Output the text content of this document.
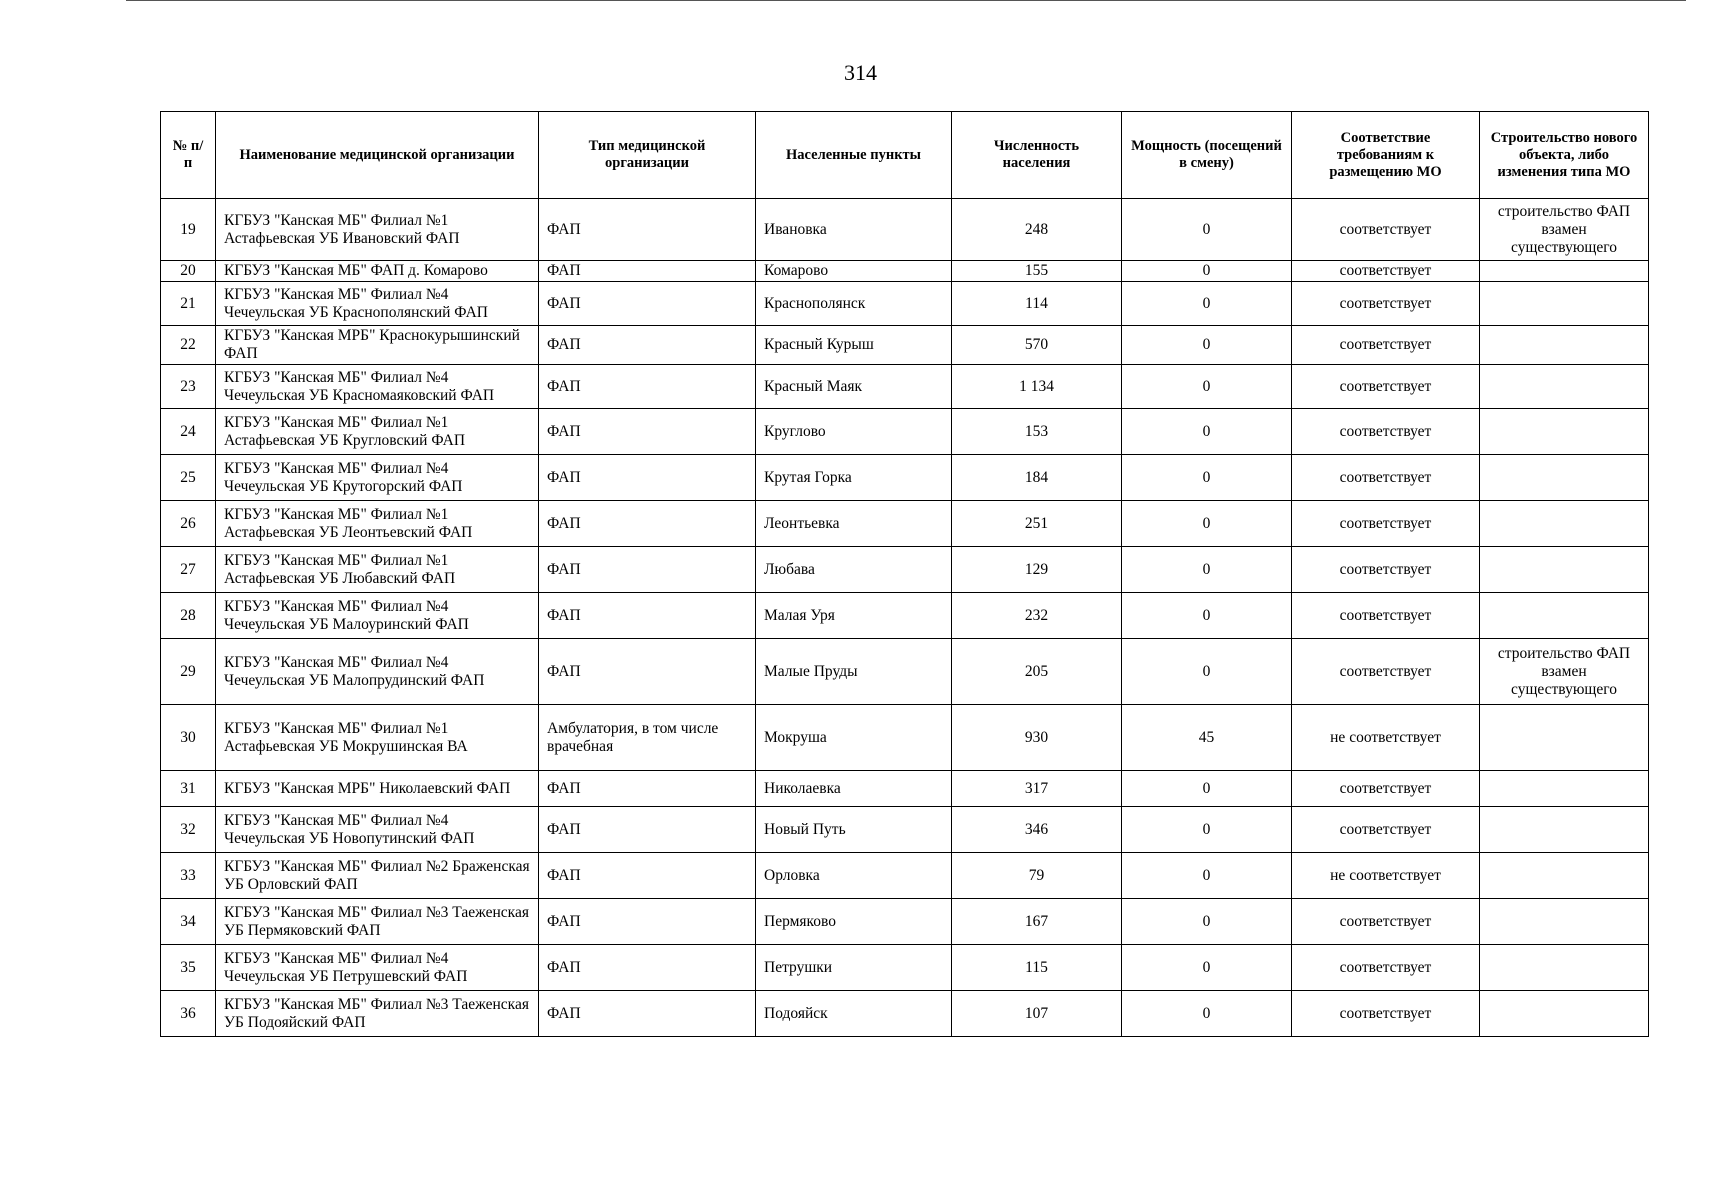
314
№ п/п	Наименование медицинской организации	Тип медицинской организации	Населенные пункты	Численность населения	Мощность (посещений в смену)	Соответствие требованиям к размещению МО	Строительство нового объекта, либо изменения типа МО
19	КГБУЗ "Канская МБ" Филиал №1 Астафьевская УБ Ивановский ФАП	ФАП	Ивановка	248	0	соответствует	строительство ФАП взамен существующего
20	КГБУЗ "Канская МБ" ФАП д. Комарово	ФАП	Комарово	155	0	соответствует	
21	КГБУЗ "Канская МБ" Филиал №4 Чечеульская УБ Краснополянский ФАП	ФАП	Краснополянск	114	0	соответствует	
22	КГБУЗ "Канская МРБ" Краснокурышинский ФАП	ФАП	Красный Курыш	570	0	соответствует	
23	КГБУЗ "Канская МБ" Филиал №4 Чечеульская УБ Красномаяковский ФАП	ФАП	Красный Маяк	1 134	0	соответствует	
24	КГБУЗ "Канская МБ" Филиал №1 Астафьевская УБ Кругловский ФАП	ФАП	Круглово	153	0	соответствует	
25	КГБУЗ "Канская МБ" Филиал №4 Чечеульская УБ Крутогорский ФАП	ФАП	Крутая Горка	184	0	соответствует	
26	КГБУЗ "Канская МБ" Филиал №1 Астафьевская УБ Леонтьевский ФАП	ФАП	Леонтьевка	251	0	соответствует	
27	КГБУЗ "Канская МБ" Филиал №1 Астафьевская УБ Любавский ФАП	ФАП	Любава	129	0	соответствует	
28	КГБУЗ "Канская МБ" Филиал №4 Чечеульская УБ Малоуринский ФАП	ФАП	Малая Уря	232	0	соответствует	
29	КГБУЗ "Канская МБ" Филиал №4 Чечеульская УБ Малопрудинский ФАП	ФАП	Малые Пруды	205	0	соответствует	строительство ФАП взамен существующего
30	КГБУЗ "Канская МБ" Филиал №1 Астафьевская УБ Мокрушинская ВА	Амбулатория, в том числе врачебная	Мокруша	930	45	не соответствует	
31	КГБУЗ "Канская МРБ" Николаевский ФАП	ФАП	Николаевка	317	0	соответствует	
32	КГБУЗ "Канская МБ" Филиал №4 Чечеульская УБ Новопутинский ФАП	ФАП	Новый Путь	346	0	соответствует	
33	КГБУЗ "Канская МБ" Филиал №2 Браженская УБ Орловский ФАП	ФАП	Орловка	79	0	не соответствует	
34	КГБУЗ "Канская МБ" Филиал №3 Таеженская УБ Пермяковский ФАП	ФАП	Пермяково	167	0	соответствует	
35	КГБУЗ "Канская МБ" Филиал №4 Чечеульская УБ Петрушевский ФАП	ФАП	Петрушки	115	0	соответствует	
36	КГБУЗ "Канская МБ" Филиал №3 Таеженская УБ Подояйский ФАП	ФАП	Подояйск	107	0	соответствует	
